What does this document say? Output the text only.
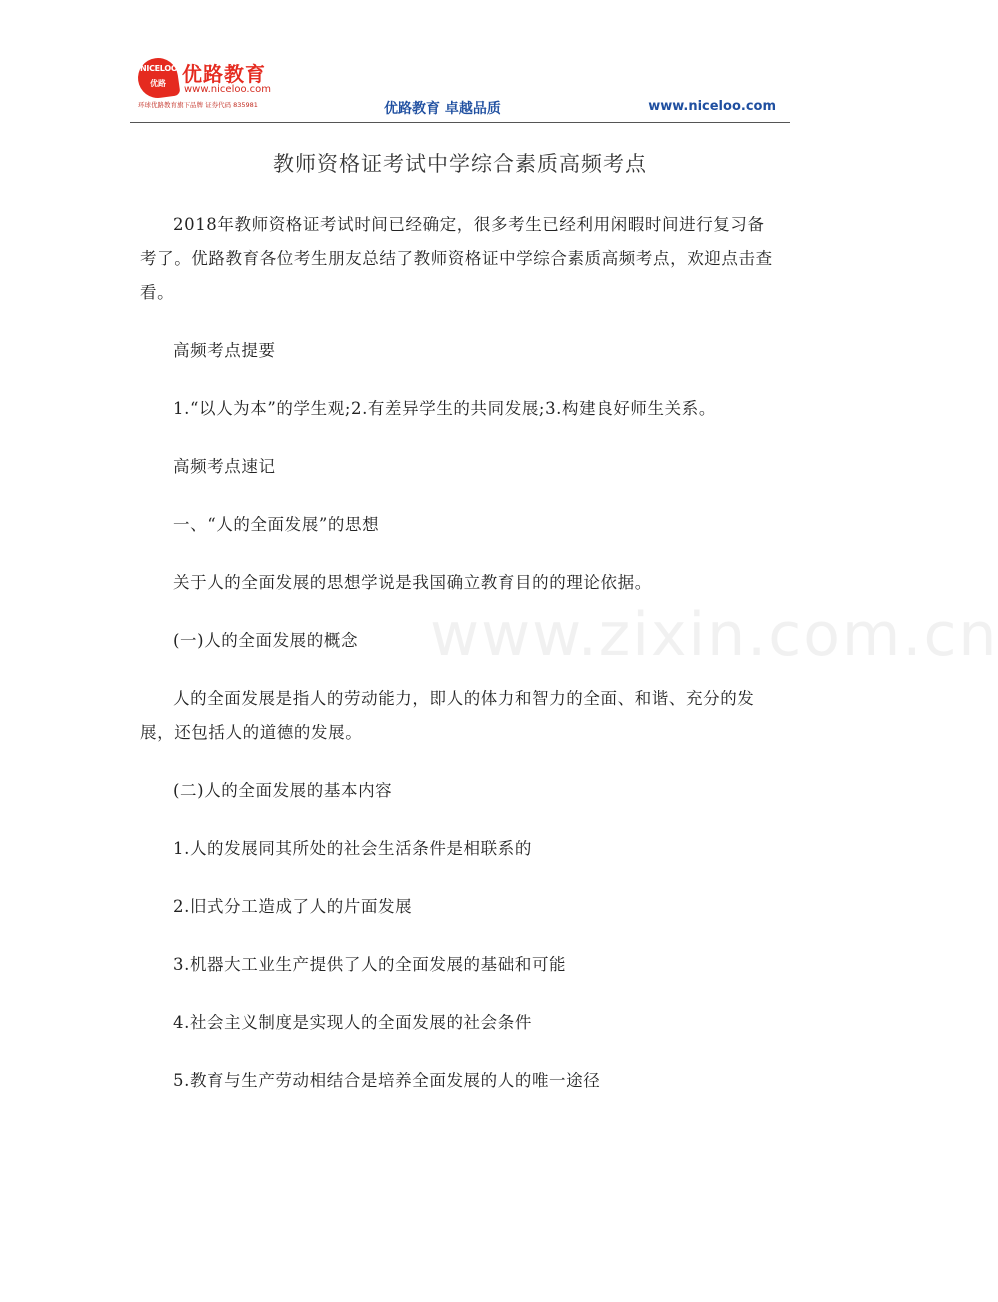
NICELOO
优路 优路教育
www.niceloo.com
环球优路教育旗下品牌 证券代码 835981	优路教育 卓越品质	www.niceloo.com
教师资格证考试中学综合素质高频考点

2018年教师资格证考试时间已经确定，很多考生已经利用闲暇时间进行复习备考了。优路教育各位考生朋友总结了教师资格证中学综合素质高频考点，欢迎点击查看。

高频考点提要

1.“以人为本”的学生观;2.有差异学生的共同发展;3.构建良好师生关系。

高频考点速记

一、“人的全面发展”的思想

关于人的全面发展的思想学说是我国确立教育目的的理论依据。

(一)人的全面发展的概念

人的全面发展是指人的劳动能力，即人的体力和智力的全面、和谐、充分的发展，还包括人的道德的发展。

(二)人的全面发展的基本内容

1.人的发展同其所处的社会生活条件是相联系的

2.旧式分工造成了人的片面发展

3.机器大工业生产提供了人的全面发展的基础和可能

4.社会主义制度是实现人的全面发展的社会条件

5.教育与生产劳动相结合是培养全面发展的人的唯一途径

www.zixin.com.cn
